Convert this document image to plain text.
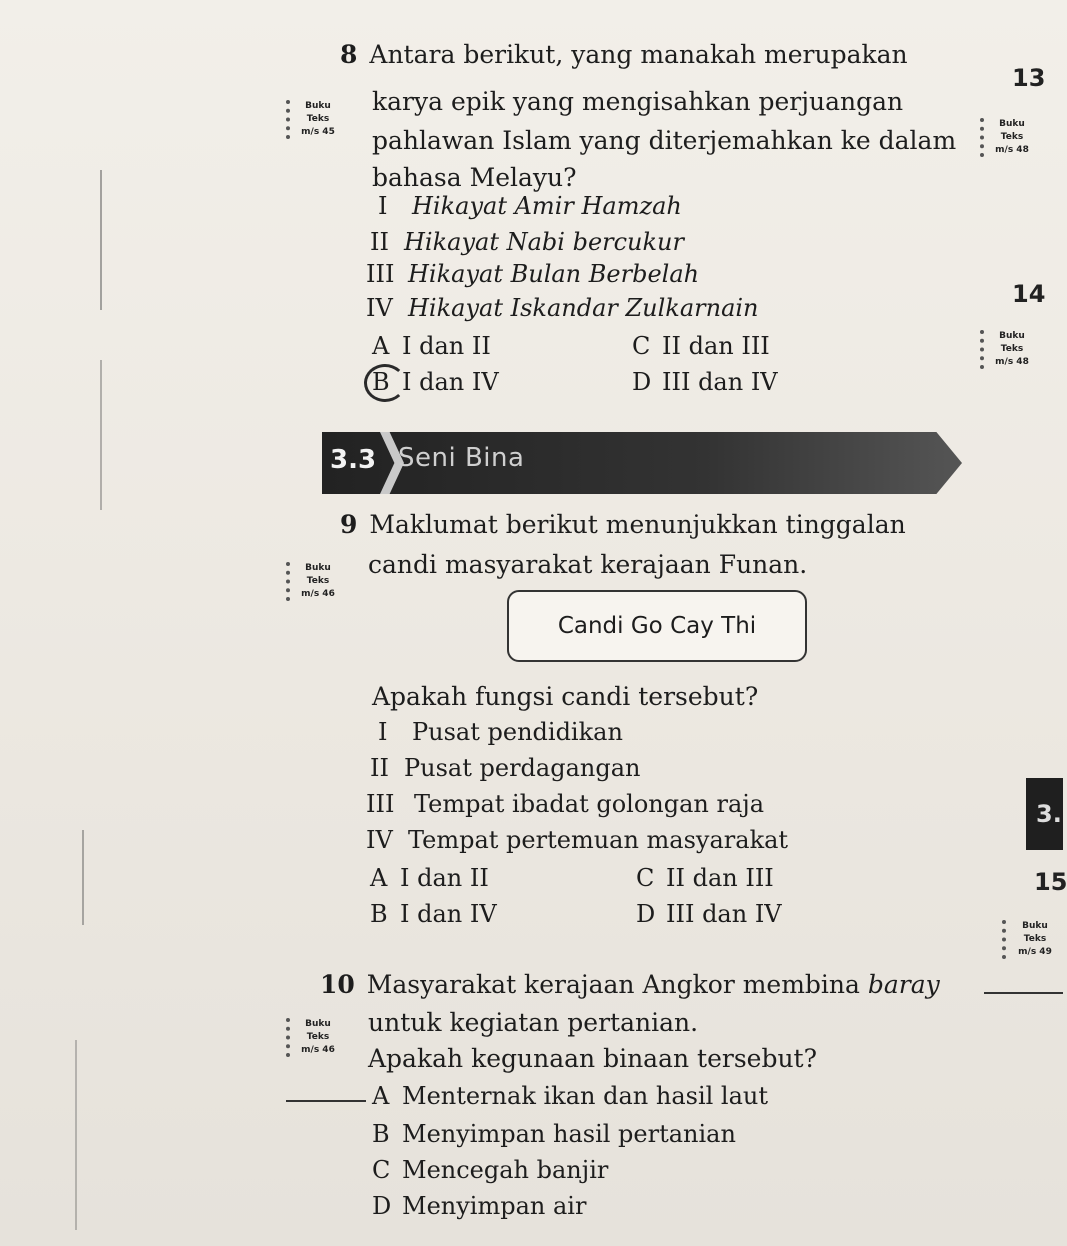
8 Antara berikut, yang manakah merupakan
karya epik yang mengisahkan perjuangan
pahlawan Islam yang diterjemahkan ke dalam
bahasa Melayu?
Buku
Teks
m/s 45
I Hikayat Amir Hamzah
II Hikayat Nabi bercukur
III Hikayat Bulan Berbelah
IV Hikayat Iskandar Zulkarnain
A I dan II	C II dan III
B I dan IV	D III dan IV
13
Buku
Teks
m/s 48
14
Buku
Teks
m/s 48
3.
15
Buku
Teks
m/s 49
3.3 Seni Bina
9 Maklumat berikut menunjukkan tinggalan
candi masyarakat kerajaan Funan.
Buku
Teks
m/s 46
Candi Go Cay Thi
Apakah fungsi candi tersebut?
I Pusat pendidikan
II Pusat perdagangan
III Tempat ibadat golongan raja
IV Tempat pertemuan masyarakat
A I dan II	C II dan III
B I dan IV	D III dan IV
10 Masyarakat kerajaan Angkor membina baray
untuk kegiatan pertanian.
Apakah kegunaan binaan tersebut?
Buku
Teks
m/s 46
A Menternak ikan dan hasil laut
B Menyimpan hasil pertanian
C Mencegah banjir
D Menyimpan air
